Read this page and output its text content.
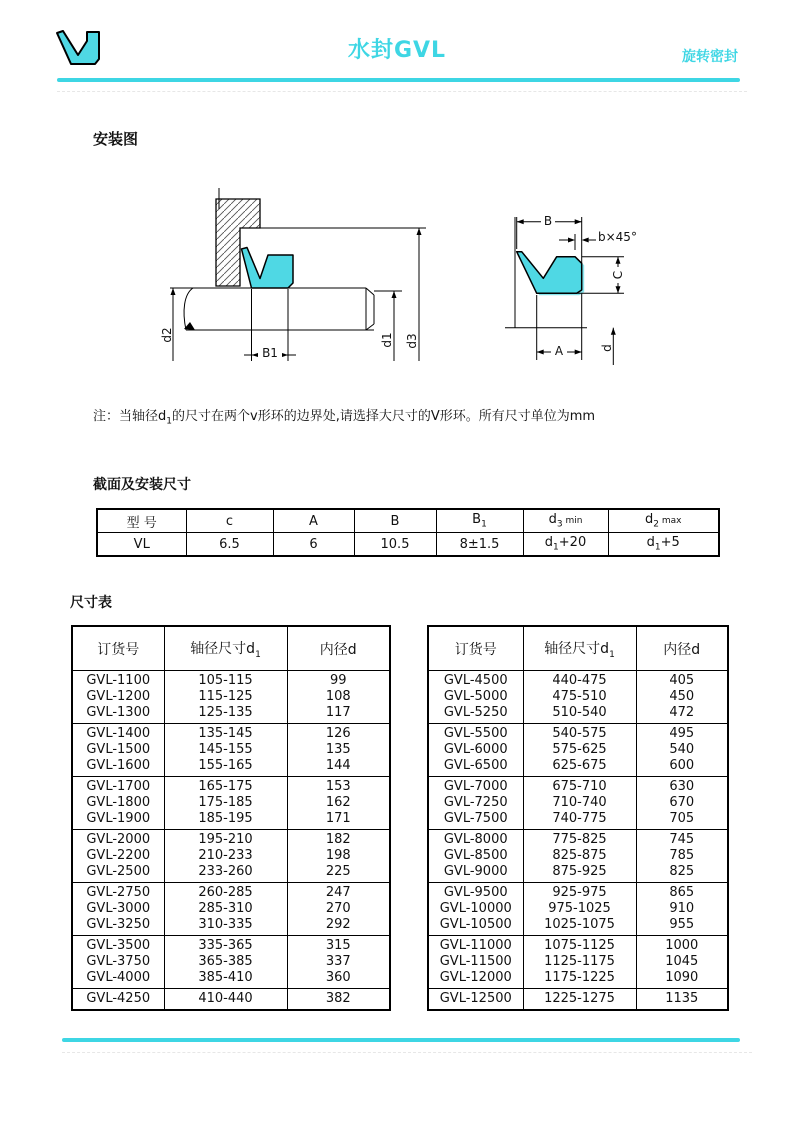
水封GVL	旋转密封
安装图
B1
d2	d1 d3
B
b×45°
C
A	d
注：当轴径$d_1$的尺寸在两个v形环的边界处,请选择大尺寸的V形环。所有尺寸单位为mm
截面及安装尺寸
型 号	c	A	B	$B_1$	$d_3$ min	$d_2$ max
VL	6.5	6	10.5	8±1.5	$d_1+20$	$d_1+5$
尺寸表
订货号	轴径尺寸$d_1$	内径d
GVL-1100	105-115	99
GVL-1200	115-125	108
GVL-1300	125-135	117
GVL-1400	135-145	126
GVL-1500	145-155	135
GVL-1600	155-165	144
GVL-1700	165-175	153
GVL-1800	175-185	162
GVL-1900	185-195	171
GVL-2000	195-210	182
GVL-2200	210-233	198
GVL-2500	233-260	225
GVL-2750	260-285	247
GVL-3000	285-310	270
GVL-3250	310-335	292
GVL-3500	335-365	315
GVL-3750	365-385	337
GVL-4000	385-410	360
GVL-4250	410-440	382
订货号	轴径尺寸$d_1$	内径d
GVL-4500	440-475	405
GVL-5000	475-510	450
GVL-5250	510-540	472
GVL-5500	540-575	495
GVL-6000	575-625	540
GVL-6500	625-675	600
GVL-7000	675-710	630
GVL-7250	710-740	670
GVL-7500	740-775	705
GVL-8000	775-825	745
GVL-8500	825-875	785
GVL-9000	875-925	825
GVL-9500	925-975	865
GVL-10000	975-1025	910
GVL-10500	1025-1075	955
GVL-11000	1075-1125	1000
GVL-11500	1125-1175	1045
GVL-12000	1175-1225	1090
GVL-12500	1225-1275	1135
